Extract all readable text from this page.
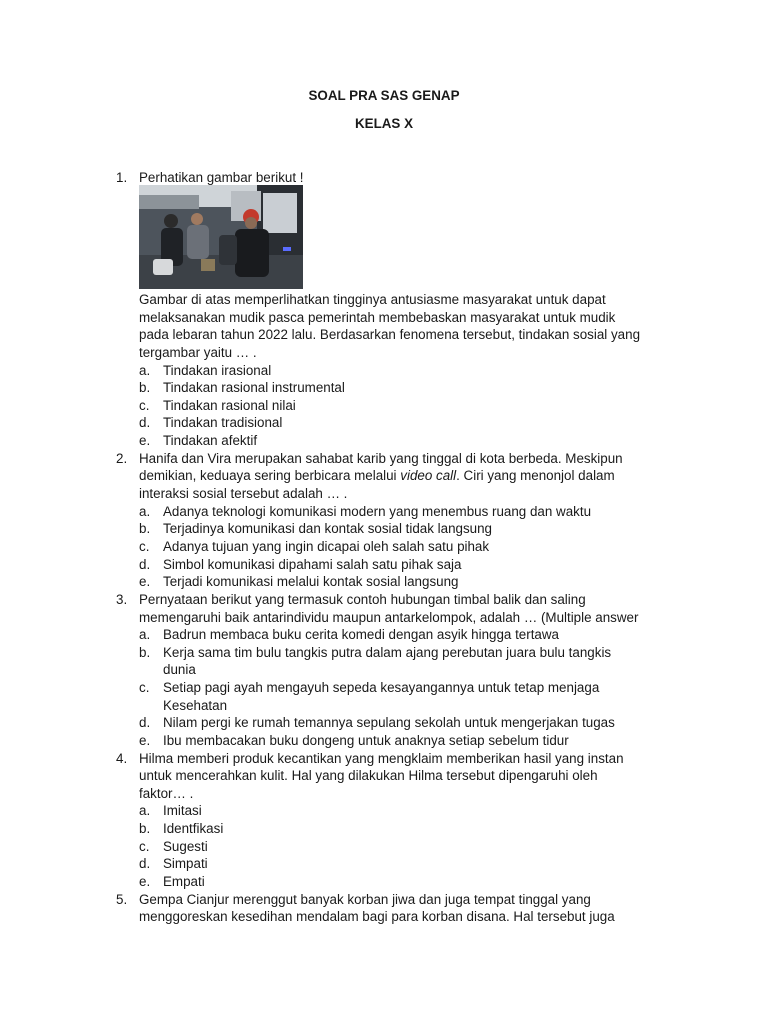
SOAL PRA SAS GENAP
KELAS X
1. Perhatikan gambar berikut !
Gambar di atas memperlihatkan tingginya antusiasme masyarakat untuk dapat
melaksanakan mudik pasca pemerintah membebaskan masyarakat untuk mudik
pada lebaran tahun 2022 lalu. Berdasarkan fenomena tersebut, tindakan sosial yang
tergambar yaitu … .
a. Tindakan irasional
b. Tindakan rasional instrumental
c. Tindakan rasional nilai
d. Tindakan tradisional
e. Tindakan afektif
2. Hanifa dan Vira merupakan sahabat karib yang tinggal di kota berbeda. Meskipun
demikian, keduaya sering berbicara melalui video call. Ciri yang menonjol dalam
interaksi sosial tersebut adalah … .
a. Adanya teknologi komunikasi modern yang menembus ruang dan waktu
b. Terjadinya komunikasi dan kontak sosial tidak langsung
c. Adanya tujuan yang ingin dicapai oleh salah satu pihak
d. Simbol komunikasi dipahami salah satu pihak saja
e. Terjadi komunikasi melalui kontak sosial langsung
3. Pernyataan berikut yang termasuk contoh hubungan timbal balik dan saling
memengaruhi baik antarindividu maupun antarkelompok, adalah … (Multiple answer
a. Badrun membaca buku cerita komedi dengan asyik hingga tertawa
b. Kerja sama tim bulu tangkis putra dalam ajang perebutan juara bulu tangkis
dunia
c. Setiap pagi ayah mengayuh sepeda kesayangannya untuk tetap menjaga
Kesehatan
d. Nilam pergi ke rumah temannya sepulang sekolah untuk mengerjakan tugas
e. Ibu membacakan buku dongeng untuk anaknya setiap sebelum tidur
4. Hilma memberi produk kecantikan yang mengklaim memberikan hasil yang instan
untuk mencerahkan kulit. Hal yang dilakukan Hilma tersebut dipengaruhi oleh
faktor… .
a. Imitasi
b. Identfikasi
c. Sugesti
d. Simpati
e. Empati
5. Gempa Cianjur merenggut banyak korban jiwa dan juga tempat tinggal yang
menggoreskan kesedihan mendalam bagi para korban disana. Hal tersebut juga
